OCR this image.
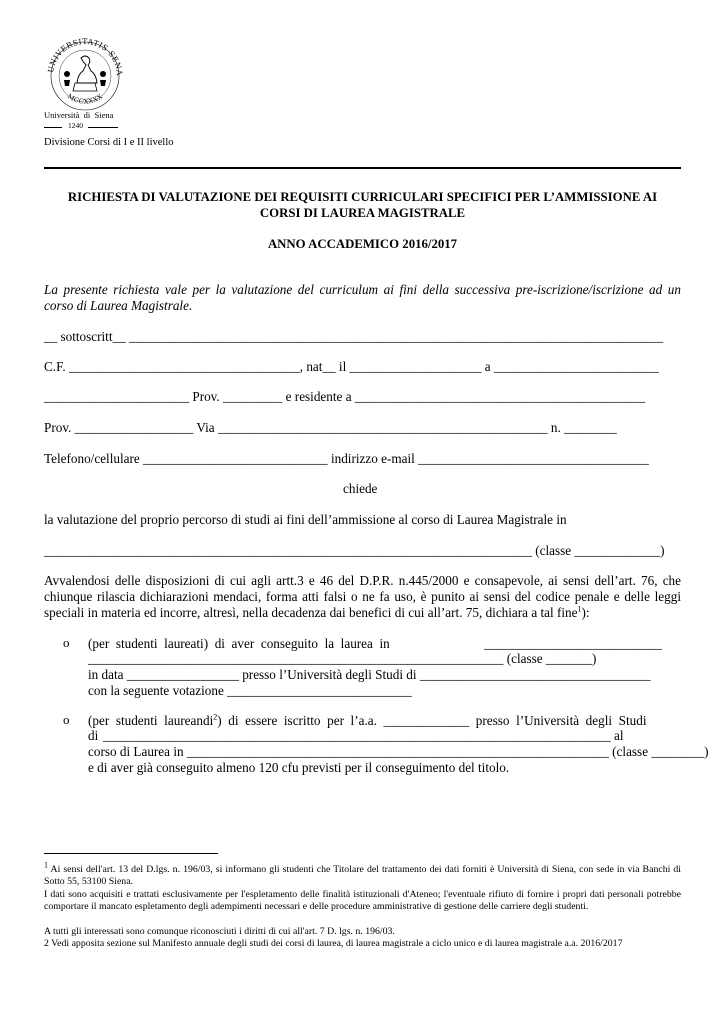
UNIVERSITATIS SENA
MCCXXXX
Università  di  Siena
1240
Divisione Corsi di I e II livello
RICHIESTA DI VALUTAZIONE DEI REQUISITI CURRICULARI SPECIFICI PER L’AMMISSIONE AI
CORSI DI LAUREA MAGISTRALE
ANNO ACCADEMICO 2016/2017
La presente richiesta vale per la valutazione del curriculum ai fini della successiva pre-iscrizione/iscrizione ad un
corso di Laurea Magistrale.
__ sottoscritt__ _________________________________________________________________________________
C.F. ___________________________________, nat__ il ____________________ a _________________________
______________________ Prov. _________ e residente a ____________________________________________
Prov. __________________ Via __________________________________________________ n. ________
Telefono/cellulare ____________________________ indirizzo e-mail ___________________________________
chiede
la valutazione del proprio percorso di studi ai fini dell’ammissione al corso di Laurea Magistrale in
__________________________________________________________________________ (classe _____________)
Avvalendosi delle disposizioni di cui agli artt.3 e 46 del D.P.R. n.445/2000 e consapevole, ai sensi dell’art. 76, che
chiunque rilascia dichiarazioni mendaci, forma atti falsi o ne fa uso, è punito ai sensi del codice penale e delle leggi
speciali in materia ed incorre, altresì, nella decadenza dai benefici di cui all’art. 75, dichiara a tal fine$^1$):
o (per  studenti  laureati)  di  aver  conseguito  la  laurea  in	___________________________
_______________________________________________________________ (classe _______)
in data _________________ presso l’Università degli Studi di ___________________________________
con la seguente votazione ____________________________
o (per  studenti  laureandi$^2$)  di  essere  iscritto  per  l’a.a.  _____________  presso  l’Università  degli  Studi
di _____________________________________________________________________________ al
corso di Laurea in ________________________________________________________________ (classe ________)
e di aver già conseguito almeno 120 cfu previsti per il conseguimento del titolo.
$^1$ Ai sensi dell'art. 13 del D.lgs. n. 196/03, si informano gli studenti che Titolare del trattamento dei dati forniti è Università di Siena, con sede in via Banchi di Sotto 55, 53100 Siena.
I dati sono acquisiti e trattati esclusivamente per l'espletamento delle finalità istituzionali d'Ateneo; l'eventuale rifiuto di fornire i propri dati personali potrebbe comportare il mancato espletamento degli adempimenti necessari e delle procedure amministrative di gestione delle carriere degli studenti.
A tutti gli interessati sono comunque riconosciuti i diritti di cui all'art. 7 D. lgs. n. 196/03.
2 Vedi apposita sezione sul Manifesto annuale degli studi dei corsi di laurea, di laurea magistrale a ciclo unico e di laurea magistrale a.a. 2016/2017
